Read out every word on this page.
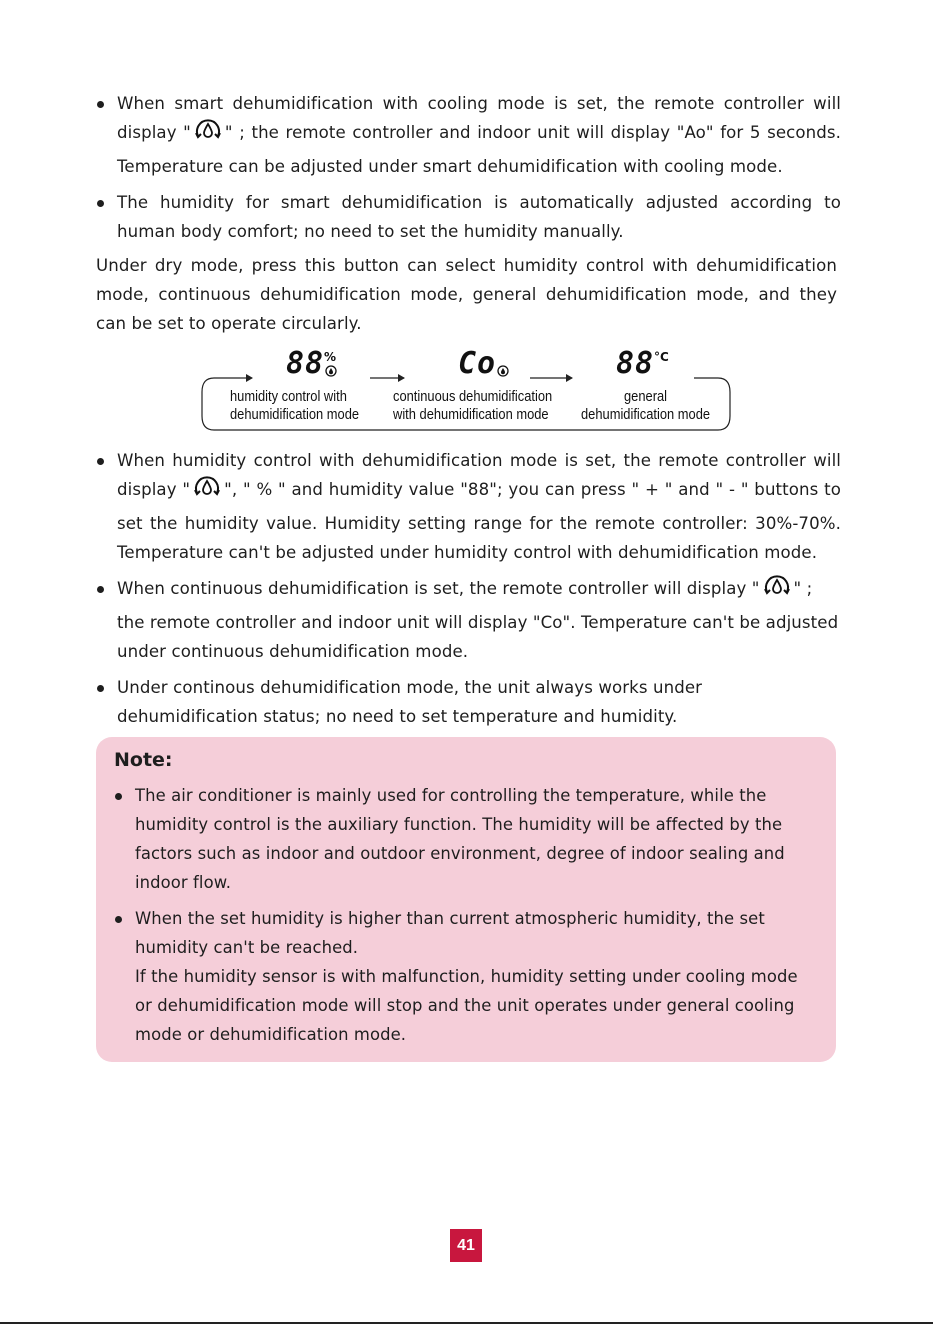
When smart dehumidification with cooling mode is set, the remote controller will display " " ; the remote controller and indoor unit will display "Ao" for 5 seconds. Temperature can be adjusted under smart dehumidification with cooling mode.
The humidity for smart dehumidification is automatically adjusted according to human body comfort; no need to set the humidity manually.

Under dry mode, press this button can select humidity control with dehumidification mode, continuous dehumidification mode, general dehumidification mode, and they can be set to operate circularly.

88 %
humidity control with
dehumidification mode
Co
continuous dehumidification
with dehumidification mode
88 °C
general
dehumidification mode
When humidity control with dehumidification mode is set, the remote controller will display " ", " % " and humidity value "88"; you can press " + " and " - " buttons to set the humidity value. Humidity setting range for the remote controller: 30%-70%. Temperature can't be adjusted under humidity control with dehumidification mode.
When continuous dehumidification is set, the remote controller will display " " ; the remote controller and indoor unit will display "Co". Temperature can't be adjusted under continuous dehumidification mode.
Under continous dehumidification mode, the unit always works under dehumidification status; no need to set temperature and humidity.
Note:
The air conditioner is mainly used for controlling the temperature, while the humidity control is the auxiliary function. The humidity will be affected by the factors such as indoor and outdoor environment, degree of indoor sealing and indoor flow.
When the set humidity is higher than current atmospheric humidity, the set humidity can't be reached.
If the humidity sensor is with malfunction, humidity setting under cooling mode or dehumidification mode will stop and the unit operates under general cooling mode or dehumidification mode.
41
